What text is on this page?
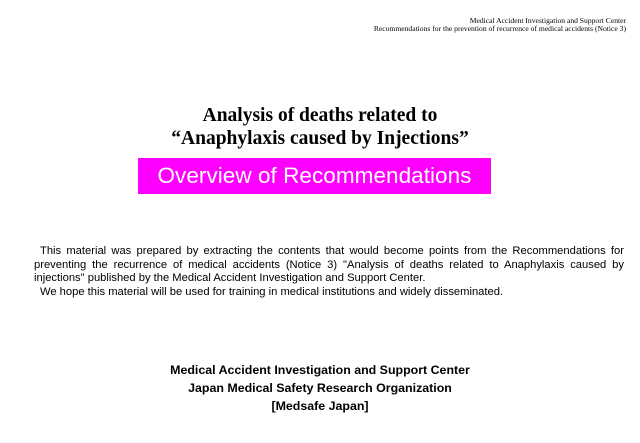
Medical Accident Investigation and Support Center
Recommendations for the prevention of recurrence of medical accidents (Notice 3)
Analysis of deaths related to
“Anaphylaxis caused by Injections”
Overview of Recommendations

This material was prepared by extracting the contents that would become points from the Recommendations for preventing the recurrence of medical accidents (Notice 3) "Analysis of deaths related to Anaphylaxis caused by injections" published by the Medical Accident Investigation and Support Center.

We hope this material will be used for training in medical institutions and widely disseminated.

Medical Accident Investigation and Support Center
Japan Medical Safety Research Organization
[Medsafe Japan]
